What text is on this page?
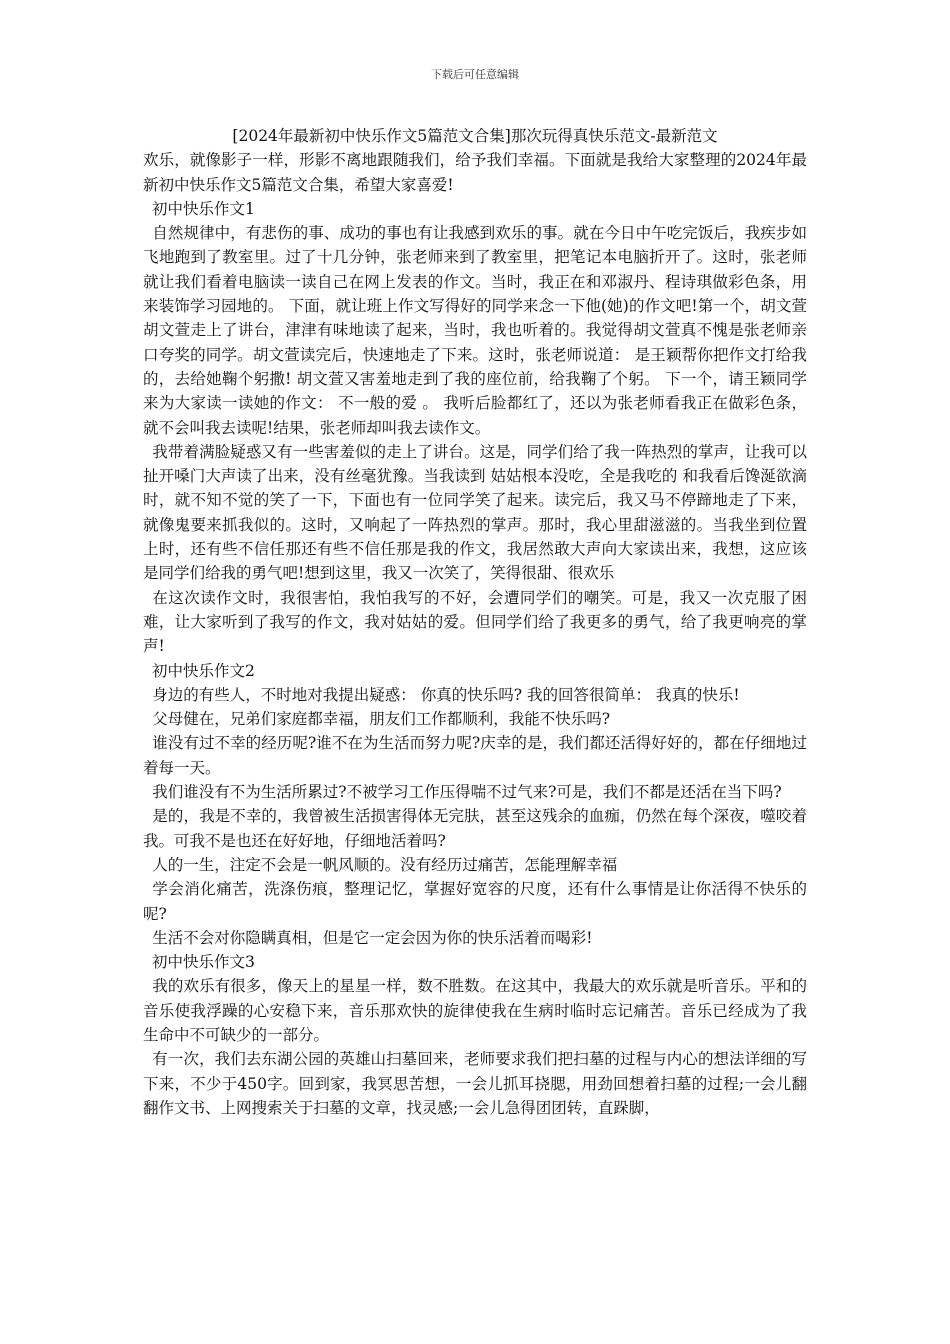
下载后可任意编辑
[2024年最新初中快乐作文5篇范文合集]那次玩得真快乐范文-最新范文

欢乐，就像影子一样，形影不离地跟随我们，给予我们幸福。下面就是我给大家整理的2024年最新初中快乐作文5篇范文合集，希望大家喜爱!

初中快乐作文1

自然规律中，有悲伤的事、成功的事也有让我感到欢乐的事。就在今日中午吃完饭后，我疾步如飞地跑到了教室里。过了十几分钟，张老师来到了教室里，把笔记本电脑折开了。这时，张老师就让我们看着电脑读一读自己在网上发表的作文。当时，我正在和邓淑丹、程诗琪做彩色条，用来装饰学习园地的。 下面，就让班上作文写得好的同学来念一下他(她)的作文吧!第一个，胡文萱 胡文萱走上了讲台，津津有味地读了起来，当时，我也听着的。我觉得胡文萱真不愧是张老师亲口夸奖的同学。胡文萱读完后，快速地走了下来。这时，张老师说道： 是王颖帮你把作文打给我的，去给她鞠个躬撒! 胡文萱又害羞地走到了我的座位前，给我鞠了个躬。 下一个，请王颖同学来为大家读一读她的作文： 不一般的爱 。 我听后脸都红了，还以为张老师看我正在做彩色条，就不会叫我去读呢!结果，张老师却叫我去读作文。

我带着满脸疑惑又有一些害羞似的走上了讲台。这是，同学们给了我一阵热烈的掌声，让我可以扯开嗓门大声读了出来，没有丝毫犹豫。当我读到 姑姑根本没吃，全是我吃的 和我看后馋涎欲滴 时，就不知不觉的笑了一下，下面也有一位同学笑了起来。读完后，我又马不停蹄地走了下来，就像鬼要来抓我似的。这时，又响起了一阵热烈的掌声。那时，我心里甜滋滋的。当我坐到位置上时，还有些不信任那还有些不信任那是我的作文，我居然敢大声向大家读出来，我想，这应该是同学们给我的勇气吧!想到这里，我又一次笑了，笑得很甜、很欢乐

在这次读作文时，我很害怕，我怕我写的不好，会遭同学们的嘲笑。可是，我又一次克服了困难，让大家听到了我写的作文，我对姑姑的爱。但同学们给了我更多的勇气，给了我更响亮的掌声!

初中快乐作文2

身边的有些人，不时地对我提出疑惑： 你真的快乐吗? 我的回答很简单： 我真的快乐!

父母健在，兄弟们家庭都幸福，朋友们工作都顺利，我能不快乐吗?

谁没有过不幸的经历呢?谁不在为生活而努力呢?庆幸的是，我们都还活得好好的，都在仔细地过着每一天。

我们谁没有不为生活所累过?不被学习工作压得喘不过气来?可是，我们不都是还活在当下吗?

是的，我是不幸的，我曾被生活损害得体无完肤，甚至这残余的血痂，仍然在每个深夜，噬咬着我。可我不是也还在好好地，仔细地活着吗?

人的一生，注定不会是一帆风顺的。没有经历过痛苦，怎能理解幸福

学会消化痛苦，洗涤伤痕，整理记忆，掌握好宽容的尺度，还有什么事情是让你活得不快乐的呢?

生活不会对你隐瞒真相，但是它一定会因为你的快乐活着而喝彩!

初中快乐作文3

我的欢乐有很多，像天上的星星一样，数不胜数。在这其中，我最大的欢乐就是听音乐。平和的音乐使我浮躁的心安稳下来，音乐那欢快的旋律使我在生病时临时忘记痛苦。音乐已经成为了我生命中不可缺少的一部分。

有一次，我们去东湖公园的英雄山扫墓回来，老师要求我们把扫墓的过程与内心的想法详细的写下来，不少于450字。回到家，我冥思苦想，一会儿抓耳挠腮，用劲回想着扫墓的过程;一会儿翻翻作文书、上网搜索关于扫墓的文章，找灵感;一会儿急得团团转，直跺脚，
